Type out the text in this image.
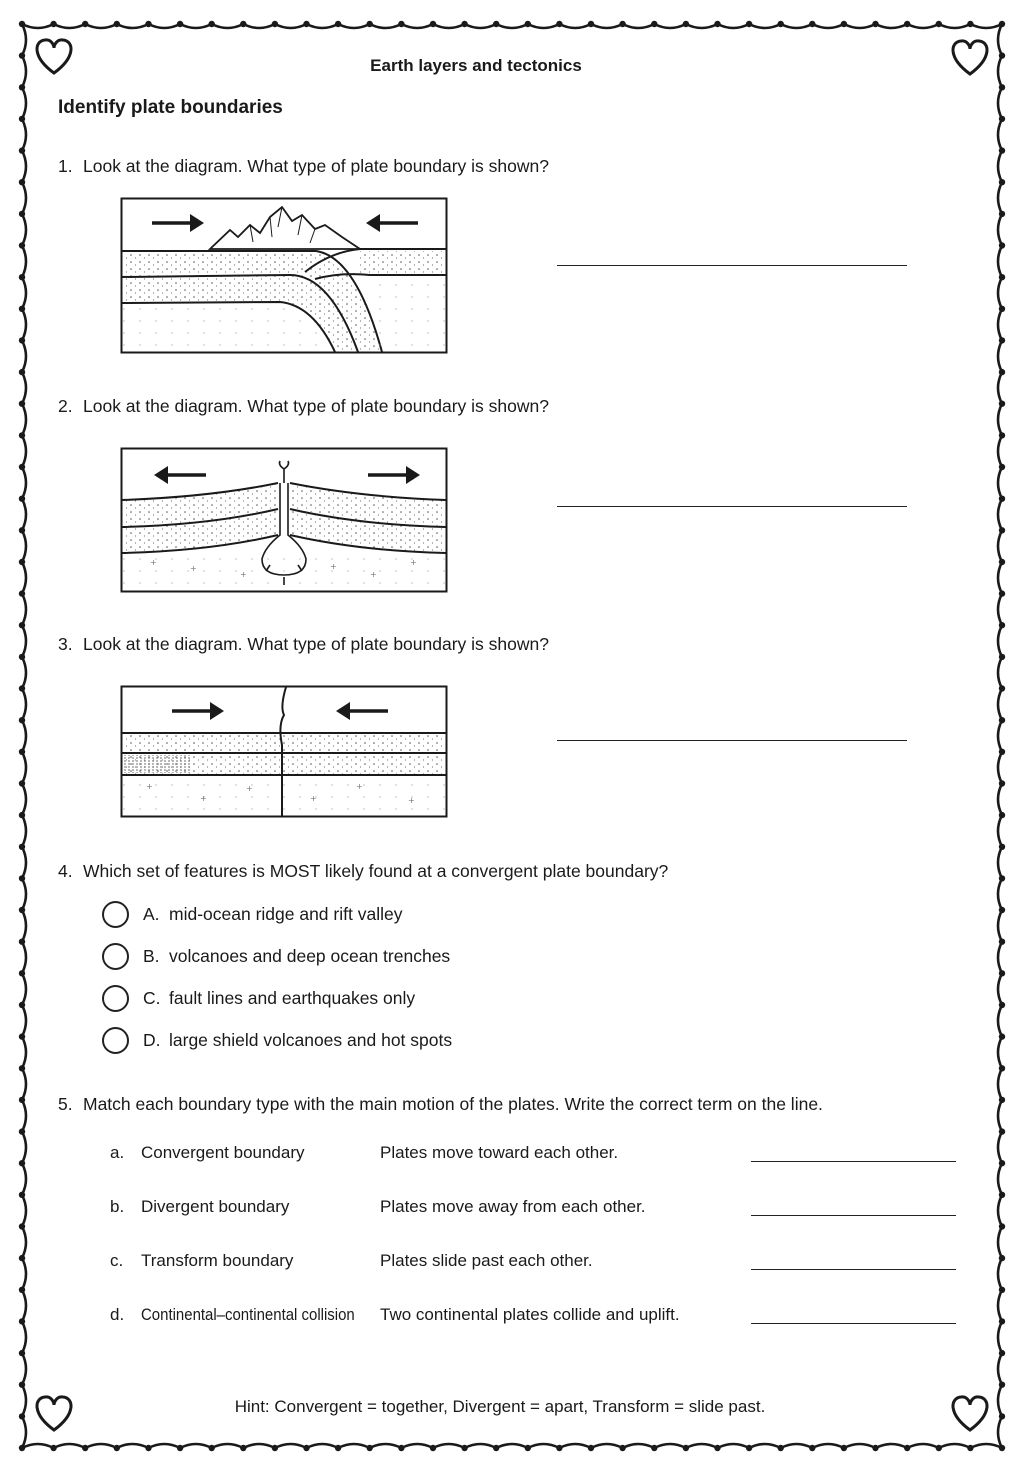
Earth layers and tectonics
Identify plate boundaries
1. Look at the diagram. What type of plate boundary is shown?
2. Look at the diagram. What type of plate boundary is shown?
+
+
+
+
+
+
3. Look at the diagram. What type of plate boundary is shown?
+
+
+
+
+
+
4. Which set of features is MOST likely found at a convergent plate boundary?
A. mid-ocean ridge and rift valley
B. volcanoes and deep ocean trenches
C. fault lines and earthquakes only
D. large shield volcanoes and hot spots
5. Match each boundary type with the main motion of the plates. Write the correct term on the line.
a. Convergent boundary	Plates move toward each other.
b. Divergent boundary	Plates move away from each other.
c. Transform boundary	Plates slide past each other.
d. Continental–continental collision Two continental plates collide and uplift.
Hint: Convergent = together, Divergent = apart, Transform = slide past.
